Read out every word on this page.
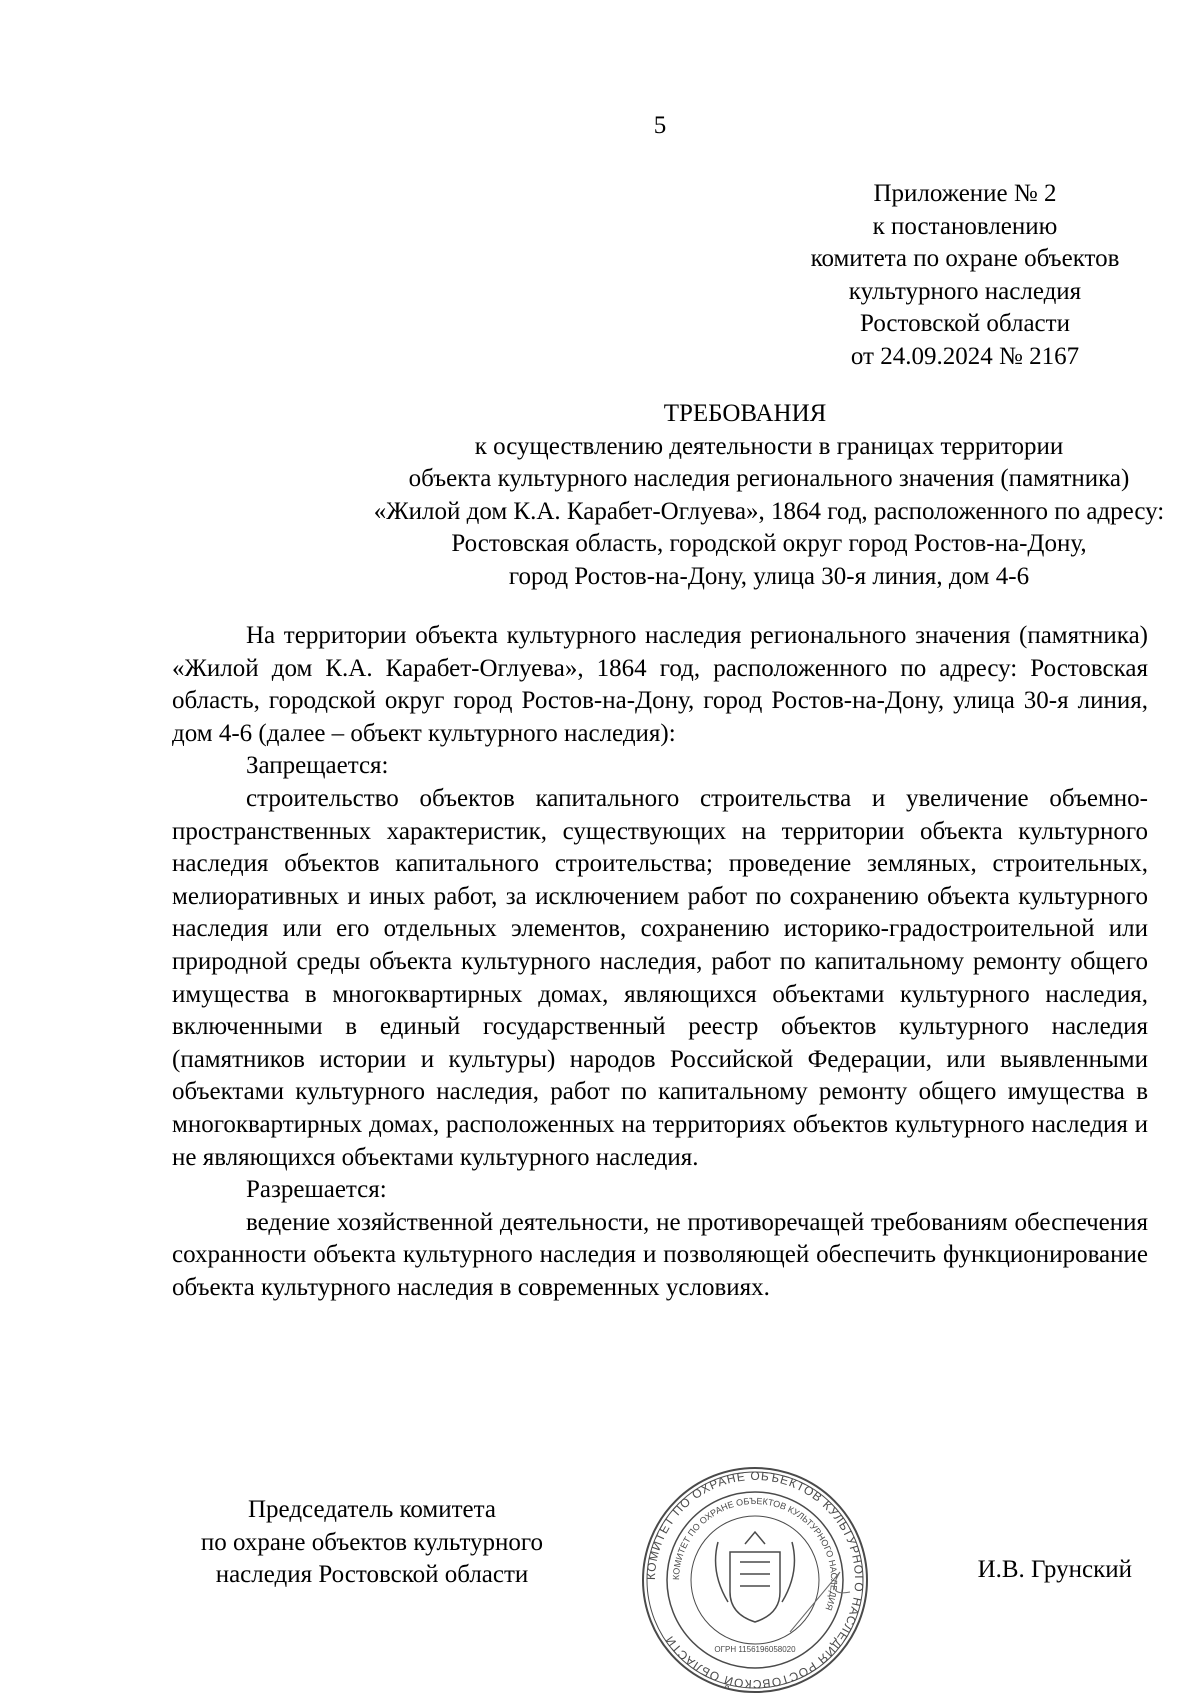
5
Приложение № 2
к постановлению
комитета по охране объектов
культурного наследия
Ростовской области
от 24.09.2024 № 2167
ТРЕБОВАНИЯ
к осуществлению деятельности в границах территории
объекта культурного наследия регионального значения (памятника)
«Жилой дом К.А. Карабет-Оглуева», 1864 год, расположенного по адресу:
Ростовская область, городской округ город Ростов-на-Дону,
город Ростов-на-Дону, улица 30-я линия, дом 4-6

На территории объекта культурного наследия регионального значения (памятника) «Жилой дом К.А. Карабет-Оглуева», 1864 год, расположенного по адресу: Ростовская область, городской округ город Ростов-на-Дону, город Ростов-на-Дону, улица 30-я линия, дом 4-6 (далее – объект культурного наследия):

Запрещается:

строительство объектов капитального строительства и увеличение объемно-пространственных характеристик, существующих на территории объекта культурного наследия объектов капитального строительства; проведение земляных, строительных, мелиоративных и иных работ, за исключением работ по сохранению объекта культурного наследия или его отдельных элементов, сохранению историко-градостроительной или природной среды объекта культурного наследия, работ по капитальному ремонту общего имущества в многоквартирных домах, являющихся объектами культурного наследия, включенными в единый государственный реестр объектов культурного наследия (памятников истории и культуры) народов Российской Федерации, или выявленными объектами культурного наследия, работ по капитальному ремонту общего имущества в многоквартирных домах, расположенных на территориях объектов культурного наследия и не являющихся объектами культурного наследия.

Разрешается:

ведение хозяйственной деятельности, не противоречащей требованиям обеспечения сохранности объекта культурного наследия и позволяющей обеспечить функционирование объекта культурного наследия в современных условиях.

Председатель комитета
по охране объектов культурного
наследия Ростовской области	КОМИТЕТ ПО ОХРАНЕ ОБЪЕКТОВ КУЛЬТУРНОГО НАСЛЕДИЯ РОСТОВСКОЙ ОБЛАСТИ
КОМИТЕТ ПО ОХРАНЕ ОБЪЕКТОВ КУЛЬТУРНОГО НАСЛЕДИЯ
ОГРН 1156196058020
И.В. Грунский
